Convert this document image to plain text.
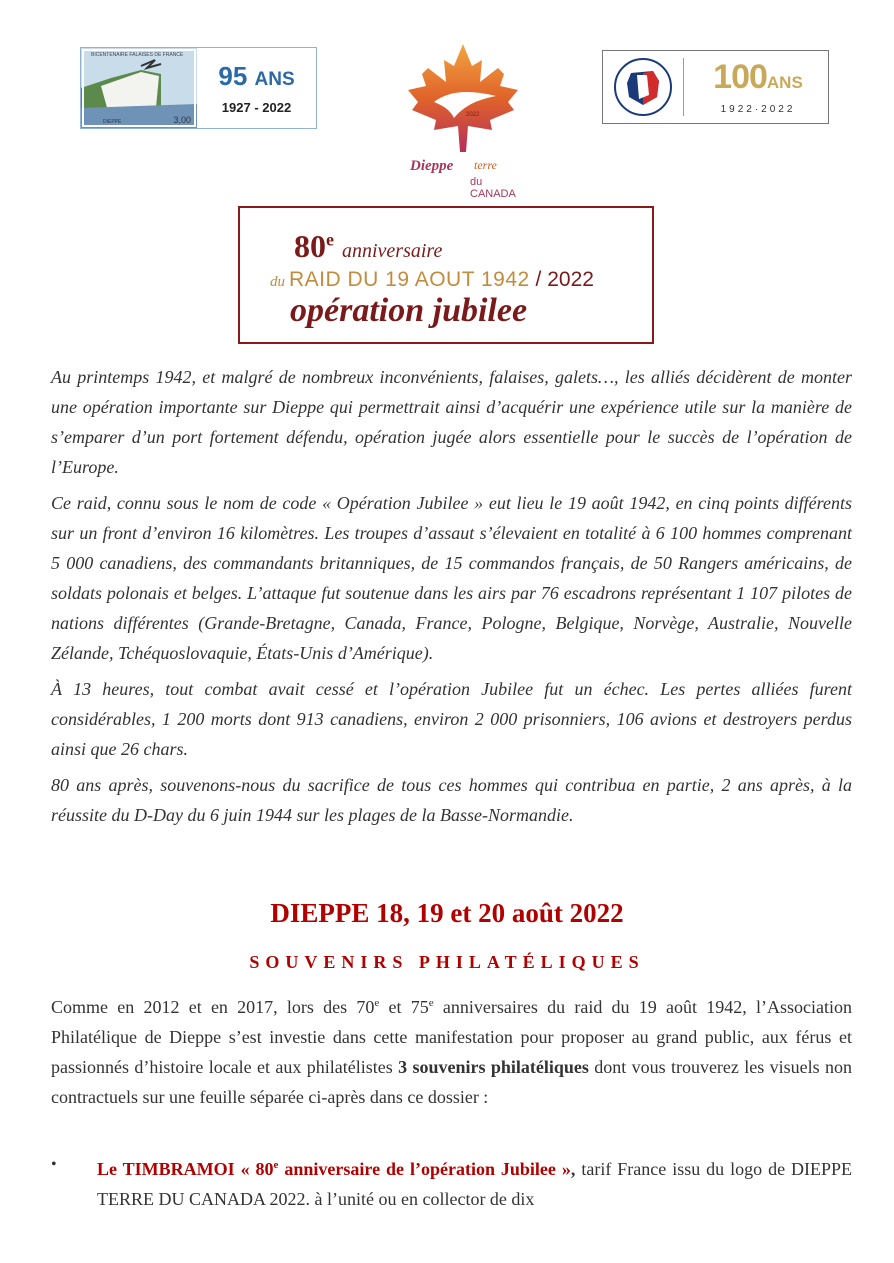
BICENTENAIRE FALAISES DE FRANCE
DIEPPE	3,00
95 ANS
1927 - 2022
2022
Dieppe terre
du CANADA
100ANS
1922·2022
80e anniversaire
du RAID DU 19 AOUT 1942 / 2022
opération jubilee

Au printemps 1942, et malgré de nombreux inconvénients, falaises, galets…, les alliés décidèrent de monter une opération importante sur Dieppe qui permettrait ainsi d’acquérir une expérience utile sur la manière de s’emparer d’un port fortement défendu, opération jugée alors essentielle pour le succès de l’opération de l’Europe.

Ce raid, connu sous le nom de code « Opération Jubilee » eut lieu le 19 août 1942, en cinq points différents sur un front d’environ 16 kilomètres. Les troupes d’assaut s’élevaient en totalité à 6 100 hommes comprenant 5 000 canadiens, des commandants britanniques, de 15 commandos français, de 50 Rangers américains, de soldats polonais et belges. L’attaque fut soutenue dans les airs par 76 escadrons représentant 1 107 pilotes de nations différentes (Grande-Bretagne, Canada, France, Pologne, Belgique, Norvège, Australie, Nouvelle Zélande, Tchéquoslovaquie, États-Unis d’Amérique).

À 13 heures, tout combat avait cessé et l’opération Jubilee fut un échec. Les pertes alliées furent considérables, 1 200 morts dont 913 canadiens, environ 2 000 prisonniers, 106 avions et destroyers perdus ainsi que 26 chars.

80 ans après, souvenons-nous du sacrifice de tous ces hommes qui contribua en partie, 2 ans après, à la réussite du D-Day du 6 juin 1944 sur les plages de la Basse-Normandie.

DIEPPE 18, 19 et 20 août 2022
SOUVENIRS PHILATÉLIQUES
Comme en 2012 et en 2017, lors des 70e et 75e anniversaires du raid du 19 août 1942, l’Association Philatélique de Dieppe s’est investie dans cette manifestation pour proposer au grand public, aux férus et passionnés d’histoire locale et aux philatélistes 3 souvenirs philatéliques dont vous trouverez les visuels non contractuels sur une feuille séparée ci-après dans ce dossier :
• Le TIMBRAMOI « 80e anniversaire de l’opération Jubilee », tarif France issu du logo de DIEPPE TERRE DU CANADA 2022. à l’unité ou en collector de dix
